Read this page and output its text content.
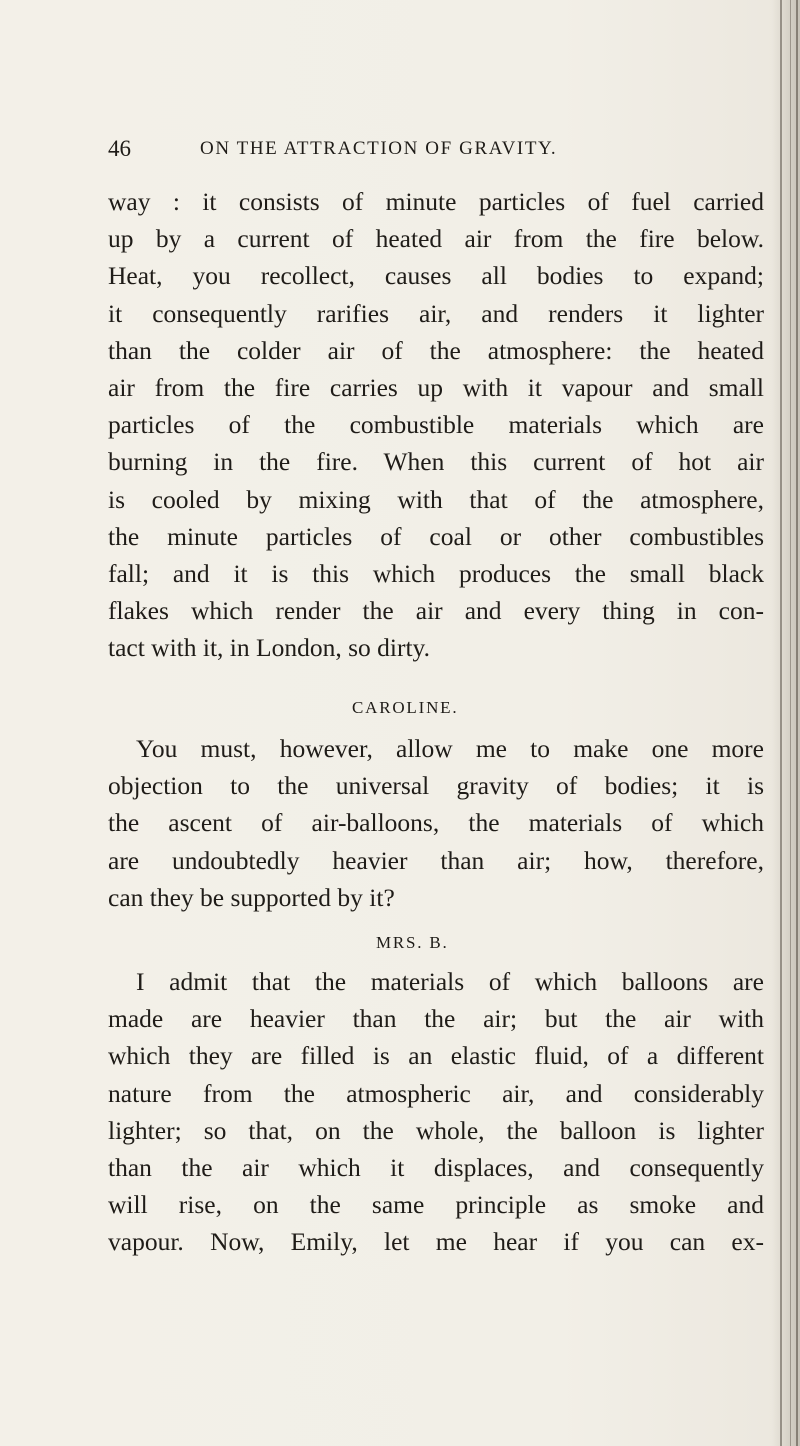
46	ON THE ATTRACTION OF GRAVITY.
way : it consists of minute particles of fuel carried
up by a current of heated air from the fire below.
Heat, you recollect, causes all bodies to expand;
it consequently rarifies air, and renders it lighter
than the colder air of the atmosphere: the heated
air from the fire carries up with it vapour and small
particles of the combustible materials which are
burning in the fire. When this current of hot air
is cooled by mixing with that of the atmosphere,
the minute particles of coal or other combustibles
fall; and it is this which produces the small black
flakes which render the air and every thing in con-
tact with it, in London, so dirty.
CAROLINE.
You must, however, allow me to make one more
objection to the universal gravity of bodies; it is
the ascent of air-balloons, the materials of which
are undoubtedly heavier than air; how, therefore,
can they be supported by it?
MRS. B.
I admit that the materials of which balloons are
made are heavier than the air; but the air with
which they are filled is an elastic fluid, of a different
nature from the atmospheric air, and considerably
lighter; so that, on the whole, the balloon is lighter
than the air which it displaces, and consequently
will rise, on the same principle as smoke and
vapour. Now, Emily, let me hear if you can ex-
